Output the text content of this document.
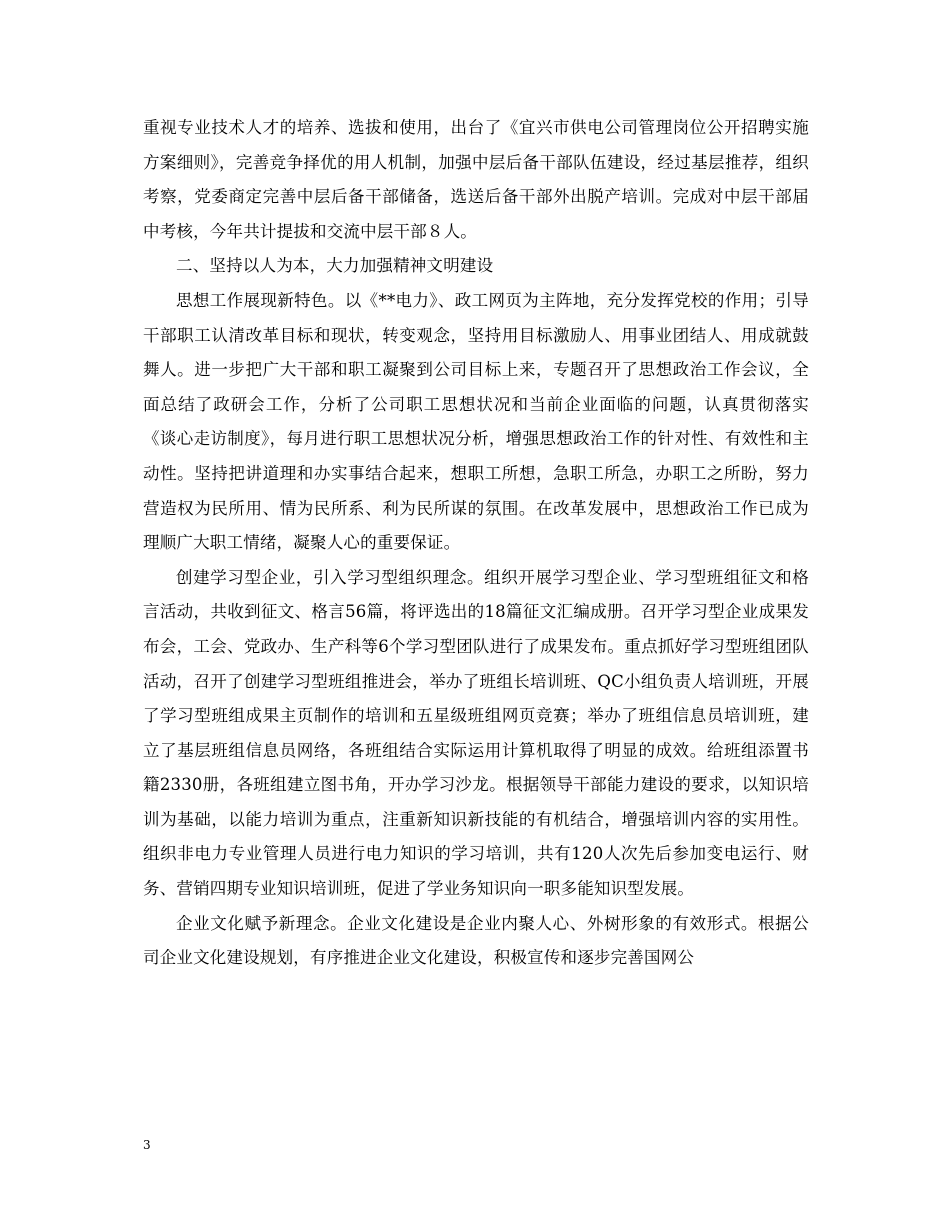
重视专业技术人才的培养、选拔和使用，出台了《宜兴市供电公司管理岗位公开招聘实施方案细则》，完善竞争择优的用人机制，加强中层后备干部队伍建设，经过基层推荐，组织考察，党委商定完善中层后备干部储备，选送后备干部外出脱产培训。完成对中层干部届中考核，今年共计提拔和交流中层干部８人。

二、坚持以人为本，大力加强精神文明建设

思想工作展现新特色。以《**电力》、政工网页为主阵地，充分发挥党校的作用；引导干部职工认清改革目标和现状，转变观念，坚持用目标激励人、用事业团结人、用成就鼓舞人。进一步把广大干部和职工凝聚到公司目标上来，专题召开了思想政治工作会议，全面总结了政研会工作，分析了公司职工思想状况和当前企业面临的问题，认真贯彻落实《谈心走访制度》，每月进行职工思想状况分析，增强思想政治工作的针对性、有效性和主动性。坚持把讲道理和办实事结合起来，想职工所想，急职工所急，办职工之所盼，努力营造权为民所用、情为民所系、利为民所谋的氛围。在改革发展中，思想政治工作已成为理顺广大职工情绪，凝聚人心的重要保证。

创建学习型企业，引入学习型组织理念。组织开展学习型企业、学习型班组征文和格言活动，共收到征文、格言56篇，将评选出的18篇征文汇编成册。召开学习型企业成果发布会，工会、党政办、生产科等6个学习型团队进行了成果发布。重点抓好学习型班组团队活动，召开了创建学习型班组推进会，举办了班组长培训班、QC小组负责人培训班，开展了学习型班组成果主页制作的培训和五星级班组网页竞赛；举办了班组信息员培训班，建立了基层班组信息员网络，各班组结合实际运用计算机取得了明显的成效。给班组添置书籍2330册，各班组建立图书角，开办学习沙龙。根据领导干部能力建设的要求，以知识培训为基础，以能力培训为重点，注重新知识新技能的有机结合，增强培训内容的实用性。组织非电力专业管理人员进行电力知识的学习培训，共有120人次先后参加变电运行、财务、营销四期专业知识培训班，促进了学业务知识向一职多能知识型发展。

企业文化赋予新理念。企业文化建设是企业内聚人心、外树形象的有效形式。根据公司企业文化建设规划，有序推进企业文化建设，积极宣传和逐步完善国网公

3
